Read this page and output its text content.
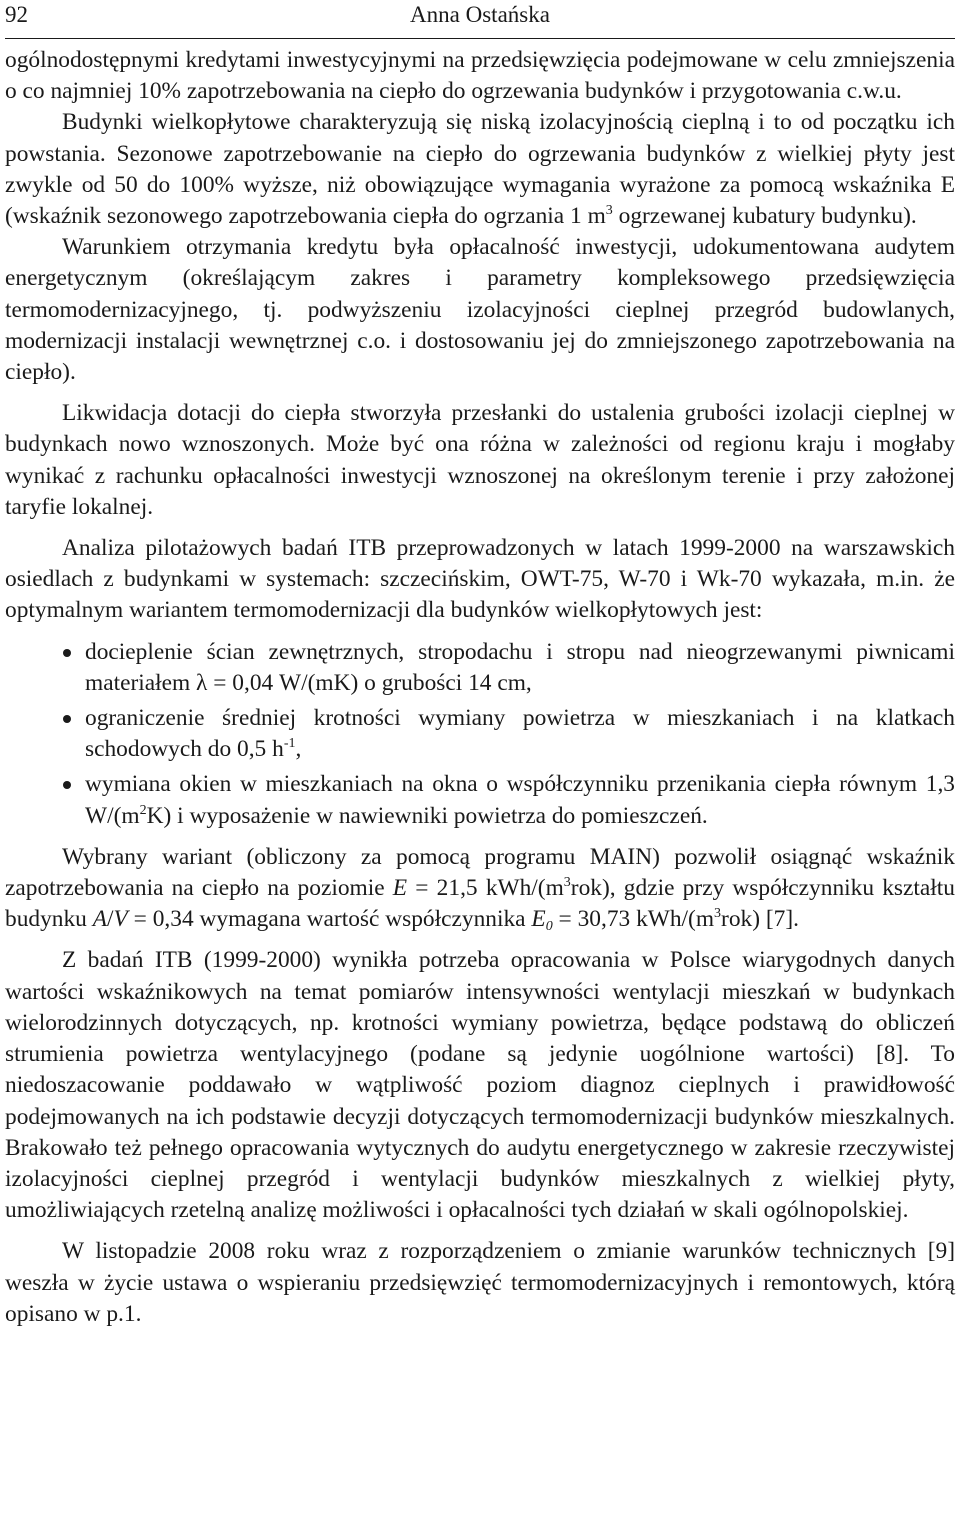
92	Anna Ostańska

ogólnodostępnymi kredytami inwestycyjnymi na przedsięwzięcia podejmowane w celu zmniejszenia o co najmniej 10% zapotrzebowania na ciepło do ogrzewania budynków i przygotowania c.w.u.

Budynki wielkopłytowe charakteryzują się niską izolacyjnością cieplną i to od początku ich powstania. Sezonowe zapotrzebowanie na ciepło do ogrzewania budynków z wielkiej płyty jest zwykle od 50 do 100% wyższe, niż obowiązujące wymagania wyrażone za pomocą wskaźnika E (wskaźnik sezonowego zapotrzebowania ciepła do ogrzania 1 $m^3$ ogrzewanej kubatury budynku).

Warunkiem otrzymania kredytu była opłacalność inwestycji, udokumentowana audytem energetycznym (określającym zakres i parametry kompleksowego przedsięwzięcia termomodernizacyjnego, tj. podwyższeniu izolacyjności cieplnej przegród budowlanych, modernizacji instalacji wewnętrznej c.o. i dostosowaniu jej do zmniejszonego zapotrzebowania na ciepło).

Likwidacja dotacji do ciepła stworzyła przesłanki do ustalenia grubości izolacji cieplnej w budynkach nowo wznoszonych. Może być ona różna w zależności od regionu kraju i mogłaby wynikać z rachunku opłacalności inwestycji wznoszonej na określonym terenie i przy założonej taryfie lokalnej.

Analiza pilotażowych badań ITB przeprowadzonych w latach 1999-2000 na warszawskich osiedlach z budynkami w systemach: szczecińskim, OWT-75, W-70 i Wk-70 wykazała, m.in. że optymalnym wariantem termomodernizacji dla budynków wielkopłytowych jest:

docieplenie ścian zewnętrznych, stropodachu i stropu nad nieogrzewanymi piwnicami materiałem λ = 0,04 W/(mK) o grubości 14 cm,
ograniczenie średniej krotności wymiany powietrza w mieszkaniach i na klatkach schodowych do 0,5 $h^{-1}$,
wymiana okien w mieszkaniach na okna o współczynniku przenikania ciepła równym 1,3 $W/(m^2K)$ i wyposażenie w nawiewniki powietrza do pomieszczeń.

Wybrany wariant (obliczony za pomocą programu MAIN) pozwolił osiągnąć wskaźnik zapotrzebowania na ciepło na poziomie E = 21,5 kWh/$(m^3rok)$, gdzie przy współczynniku kształtu budynku A/V = 0,34 wymagana wartość współczynnika $E_0 = 30,73$ kWh/$(m^3rok)$ [7].

Z badań ITB (1999-2000) wynikła potrzeba opracowania w Polsce wiarygodnych danych wartości wskaźnikowych na temat pomiarów intensywności wentylacji mieszkań w budynkach wielorodzinnych dotyczących, np. krotności wymiany powietrza, będące podstawą do obliczeń strumienia powietrza wentylacyjnego (podane są jedynie uogólnione wartości) [8]. To niedoszacowanie poddawało w wątpliwość poziom diagnoz cieplnych i prawidłowość podejmowanych na ich podstawie decyzji dotyczących termomodernizacji budynków mieszkalnych. Brakowało też pełnego opracowania wytycznych do audytu energetycznego w zakresie rzeczywistej izolacyjności cieplnej przegród i wentylacji budynków mieszkalnych z wielkiej płyty, umożliwiających rzetelną analizę możliwości i opłacalności tych działań w skali ogólnopolskiej.

W listopadzie 2008 roku wraz z rozporządzeniem o zmianie warunków technicznych [9] weszła w życie ustawa o wspieraniu przedsięwzięć termomodernizacyjnych i remontowych, którą opisano w p.1.
